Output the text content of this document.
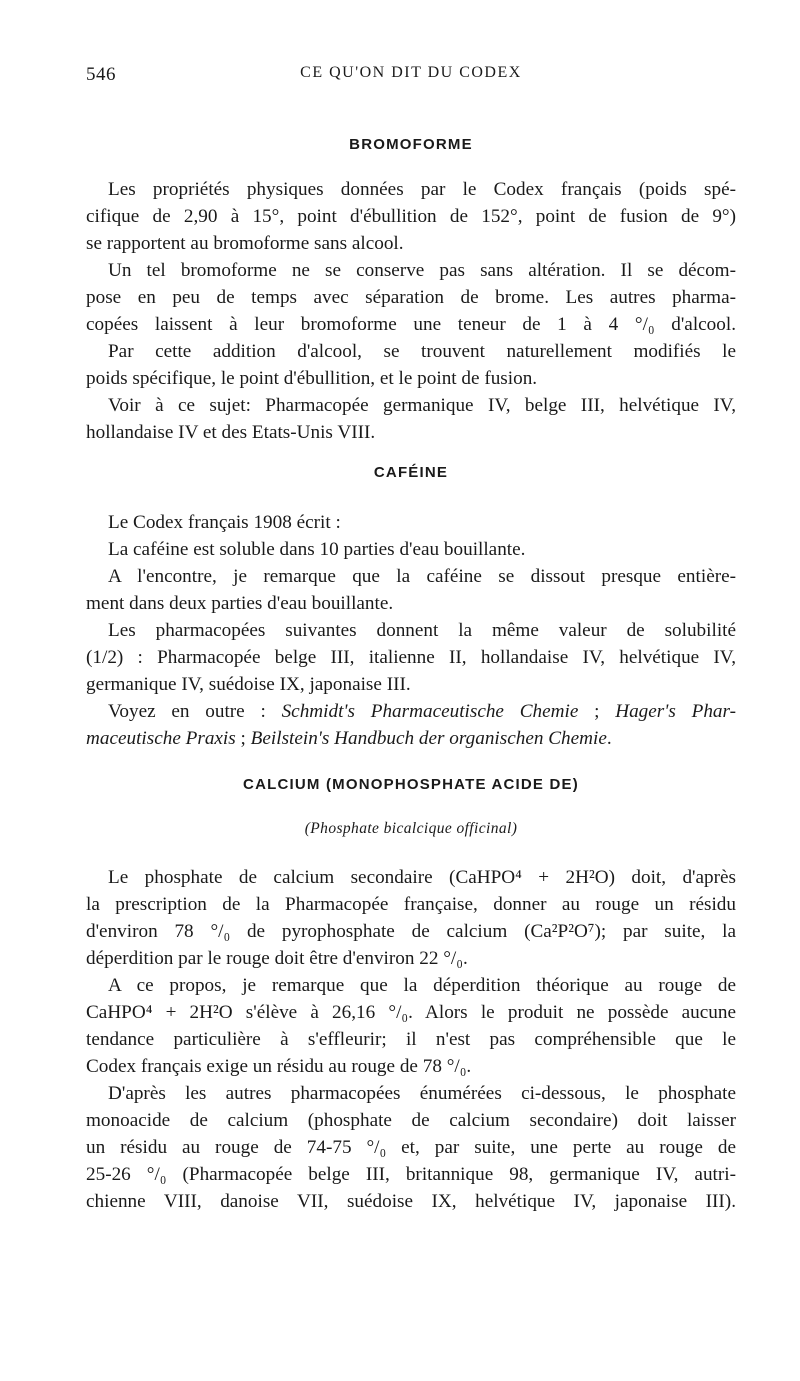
546	CE QU'ON DIT DU CODEX
BROMOFORME
Les propriétés physiques données par le Codex français (poids spé-
cifique de 2,90 à 15°, point d'ébullition de 152°, point de fusion de 9°)
se rapportent au bromoforme sans alcool.
Un tel bromoforme ne se conserve pas sans altération. Il se décom-
pose en peu de temps avec séparation de brome. Les autres pharma-
copées laissent à leur bromoforme une teneur de 1 à 4 °/₀ d'alcool.
Par cette addition d'alcool, se trouvent naturellement modifiés le
poids spécifique, le point d'ébullition, et le point de fusion.
Voir à ce sujet: Pharmacopée germanique IV, belge III, helvétique IV,
hollandaise IV et des Etats-Unis VIII.
CAFÉINE
Le Codex français 1908 écrit :
La caféine est soluble dans 10 parties d'eau bouillante.
A l'encontre, je remarque que la caféine se dissout presque entière-
ment dans deux parties d'eau bouillante.
Les pharmacopées suivantes donnent la même valeur de solubilité
(1/2) : Pharmacopée belge III, italienne II, hollandaise IV, helvétique IV,
germanique IV, suédoise IX, japonaise III.
Voyez en outre : Schmidt's Pharmaceutische Chemie ; Hager's Phar-
maceutische Praxis ; Beilstein's Handbuch der organischen Chemie.
CALCIUM (MONOPHOSPHATE ACIDE DE)
(Phosphate bicalcique officinal)
Le phosphate de calcium secondaire (CaHPO⁴ + 2H²O) doit, d'après
la prescription de la Pharmacopée française, donner au rouge un résidu
d'environ 78 °/₀ de pyrophosphate de calcium (Ca²P²O⁷); par suite, la
déperdition par le rouge doit être d'environ 22 °/₀.
A ce propos, je remarque que la déperdition théorique au rouge de
CaHPO⁴ + 2H²O s'élève à 26,16 °/₀. Alors le produit ne possède aucune
tendance particulière à s'effleurir; il n'est pas compréhensible que le
Codex français exige un résidu au rouge de 78 °/₀.
D'après les autres pharmacopées énumérées ci-dessous, le phosphate
monoacide de calcium (phosphate de calcium secondaire) doit laisser
un résidu au rouge de 74-75 °/₀ et, par suite, une perte au rouge de
25-26 °/₀ (Pharmacopée belge III, britannique 98, germanique IV, autri-
chienne VIII, danoise VII, suédoise IX, helvétique IV, japonaise III).
